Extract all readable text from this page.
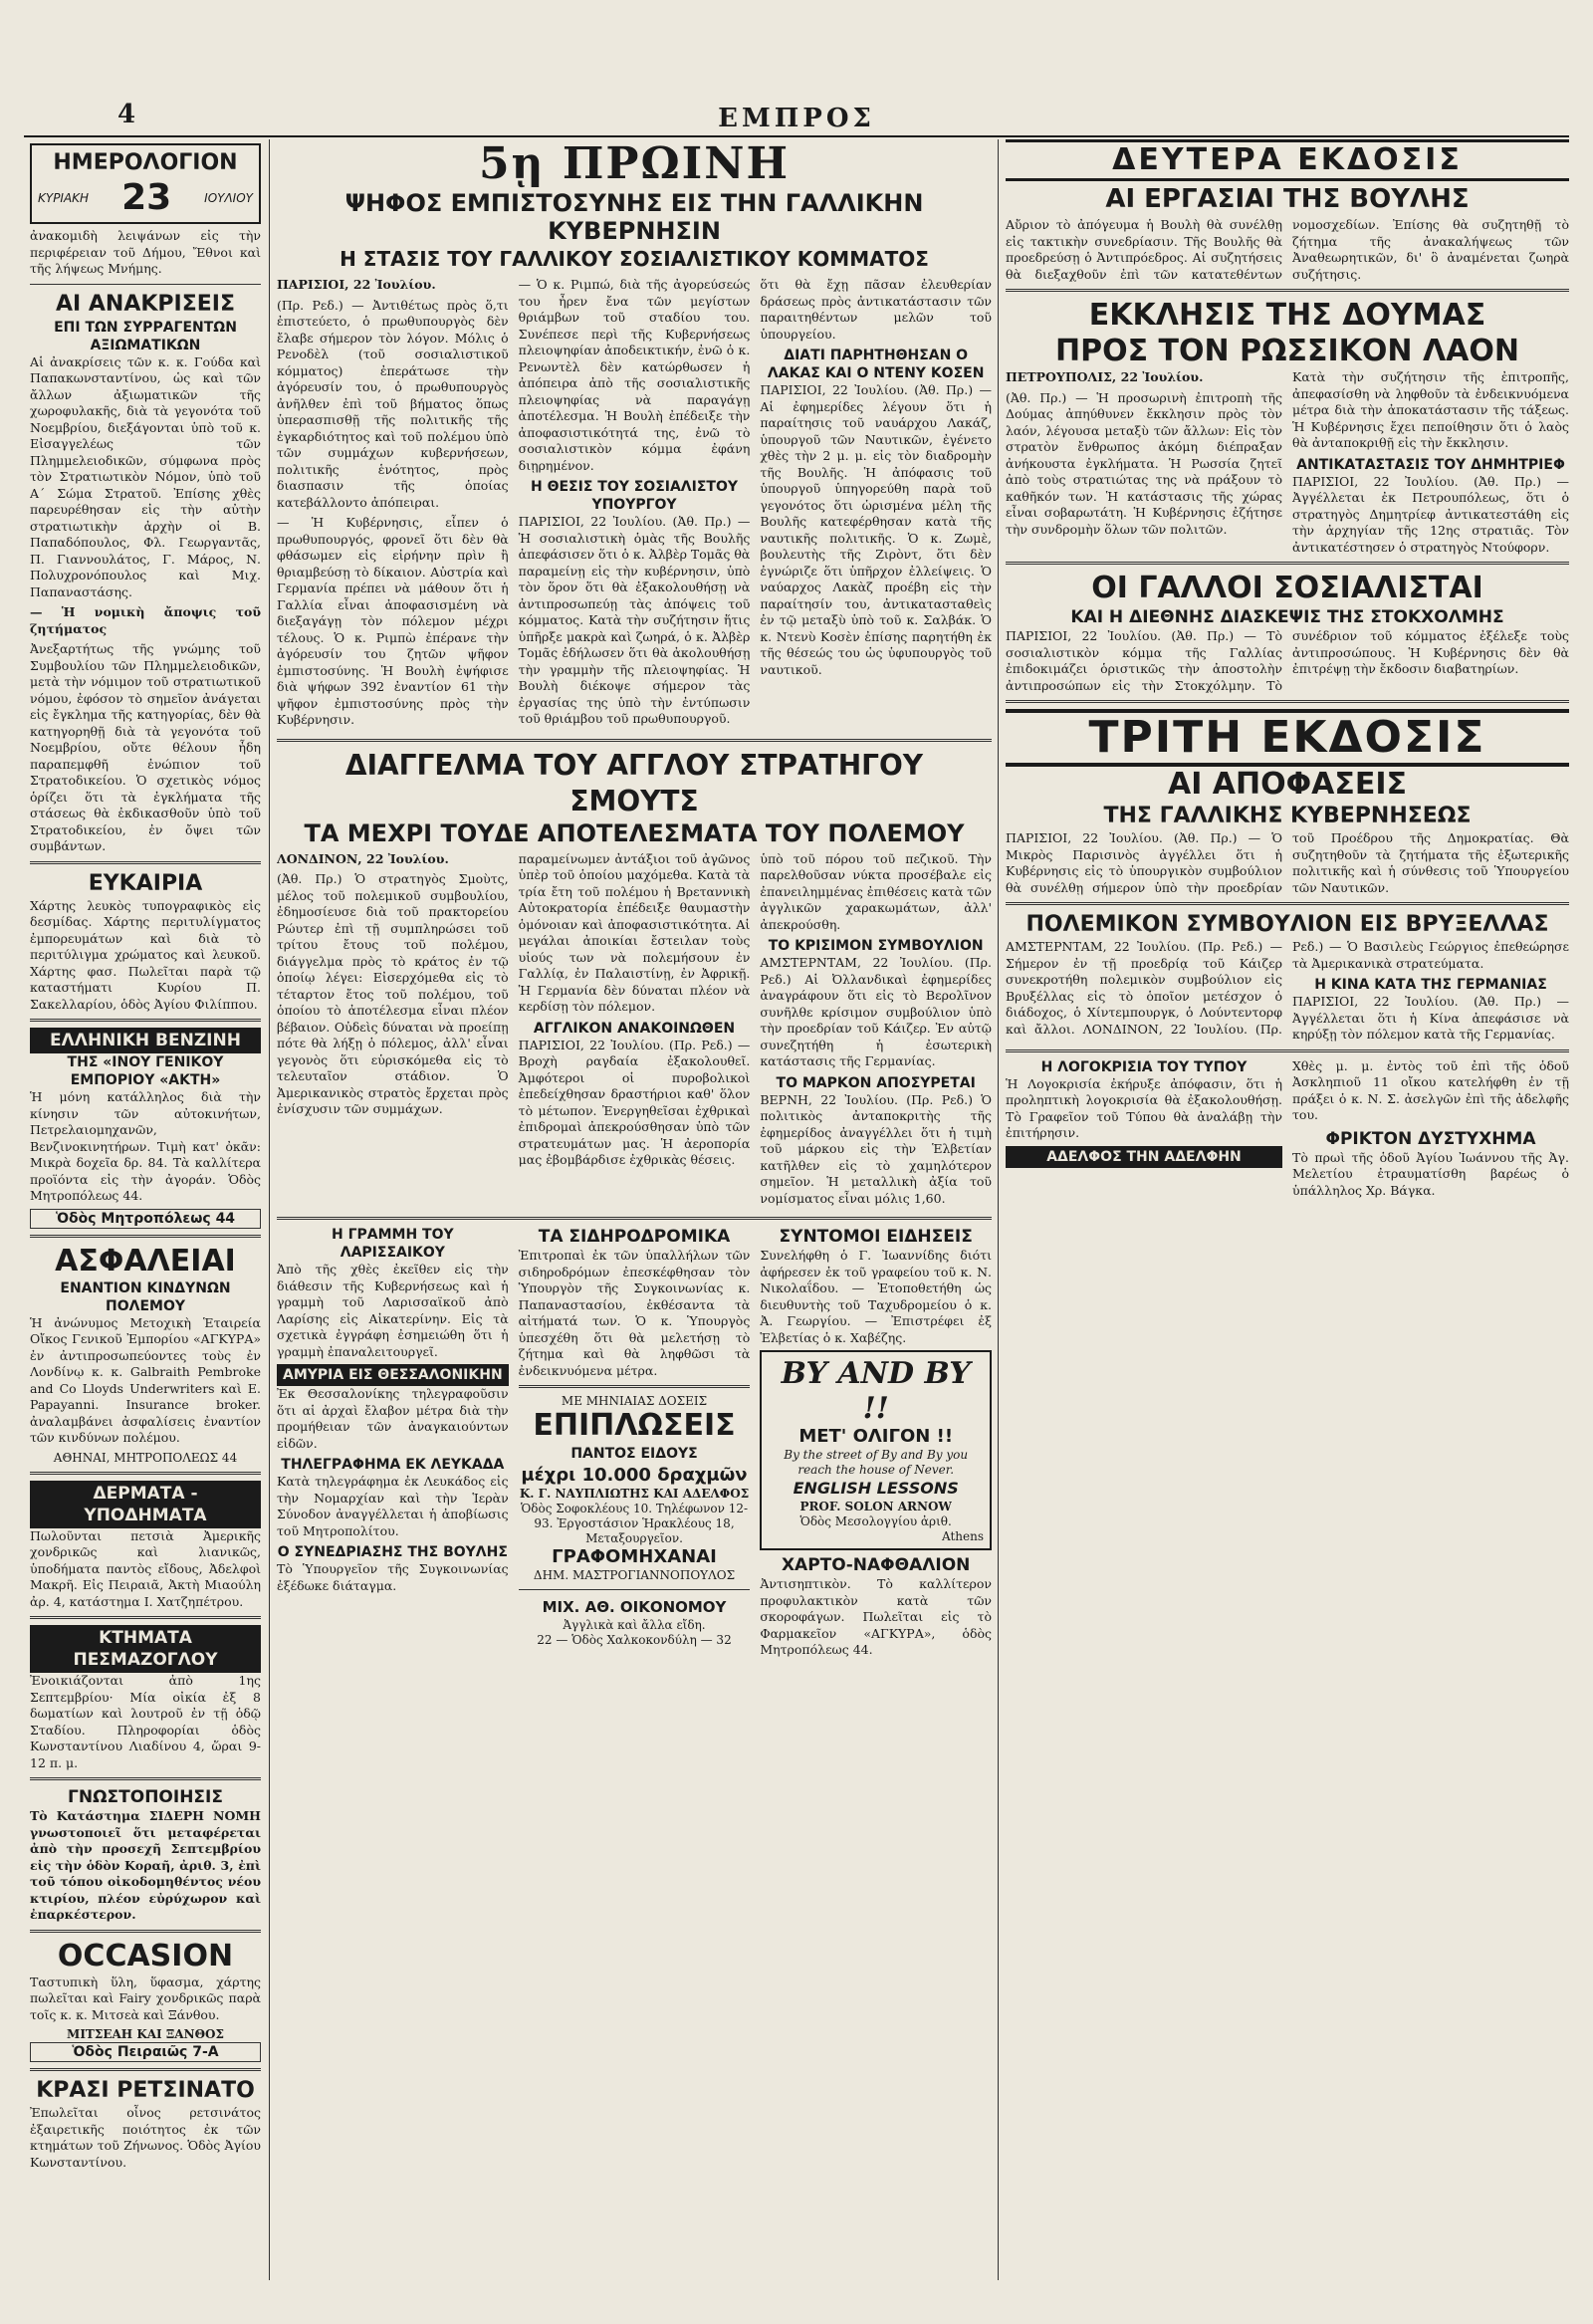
4	ΕΜΠΡΟΣ
ΗΜΕΡΟΛΟΓΙΟΝ
ΚΥΡΙΑΚΗ 23	ΙΟΥΛΙΟΥ

ἀνακομιδὴ λειψάνων εἰς τὴν περιφέρειαν τοῦ Δήμου, Ἔθνοι καὶ τῆς λήψεως Μνήμης.

ΑΙ ΑΝΑΚΡΙΣΕΙΣ
ΕΠΙ ΤΩΝ ΣΥΡΡΑΓΕΝΤΩΝ ΑΞΙΩΜΑΤΙΚΩΝ

Αἱ ἀνακρίσεις τῶν κ. κ. Γούδα καὶ Παπακωνσταντίνου, ὡς καὶ τῶν ἄλλων ἀξιωματικῶν τῆς χωροφυλακῆς, διὰ τὰ γεγονότα τοῦ Νοεμβρίου, διεξάγονται ὑπὸ τοῦ κ. Εἰσαγγελέως τῶν Πλημμελειοδικῶν, σύμφωνα πρὸς τὸν Στρατιωτικὸν Νόμον, ὑπὸ τοῦ Α΄ Σώμα Στρατοῦ. Ἐπίσης χθὲς παρευρέθησαν εἰς τὴν αὐτὴν στρατιωτικὴν ἀρχὴν οἱ Β. Παπαδόπουλος, Φλ. Γεωργαντᾶς, Π. Γιαννουλάτος, Γ. Μάρος, Ν. Πολυχρονόπουλος καὶ Μιχ. Παπαναστάσης.

— Ἡ νομικὴ ἄποψις τοῦ ζητήματος

Ἀνεξαρτήτως τῆς γνώμης τοῦ Συμβουλίου τῶν Πλημμελειοδικῶν, μετὰ τὴν νόμιμον τοῦ στρατιωτικοῦ νόμου, ἐφόσον τὸ σημεῖον ἀνάγεται εἰς ἔγκλημα τῆς κατηγορίας, δὲν θὰ κατηγορηθῇ διὰ τὰ γεγονότα τοῦ Νοεμβρίου, οὔτε θέλουν ἦδη παραπεμφθῆ ἐνώπιον τοῦ Στρατοδικείου. Ὁ σχετικὸς νόμος ὁρίζει ὅτι τὰ ἐγκλήματα τῆς στάσεως θὰ ἐκδικασθοῦν ὑπὸ τοῦ Στρατοδικείου, ἐν ὄψει τῶν συμβάντων.

ΕΥΚΑΙΡΙΑ

Χάρτης λευκὸς τυπογραφικὸς εἰς δεσμίδας. Χάρτης περιτυλίγματος ἐμπορευμάτων καὶ διὰ τὸ περιτύλιγμα χρώματος καὶ λευκοῦ. Χάρτης φασ. Πωλεῖται παρὰ τῷ καταστήματι Κυρίου Π. Σακελλαρίου, ὁδὸς Ἀγίου Φιλίππου.

ΕΛΛΗΝΙΚΗ ΒΕΝΖΙΝΗ
ΤΗΣ «ΙΝΟΥ ΓΕΝΙΚΟΥ ΕΜΠΟΡΙΟΥ «ΑΚΤΗ»

Ἡ μόνη κατάλληλος διὰ τὴν κίνησιν τῶν αὐτοκινήτων, Πετρελαιομηχανῶν, Βενζινοκινητήρων. Τιμὴ κατ' ὀκᾶν: Μικρὰ δοχεῖα δρ. 84. Τὰ καλλίτερα προϊόντα εἰς τὴν ἀγοράν. Ὁδὸς Μητροπόλεως 44.

Ὁδὸς Μητροπόλεως 44
ΑΣΦΑΛΕΙΑΙ
ΕΝΑΝΤΙΟΝ ΚΙΝΔΥΝΩΝ ΠΟΛΕΜΟΥ

Ἡ ἀνώνυμος Μετοχικὴ Ἑταιρεία Οἴκος Γενικοῦ Ἐμπορίου «ΑΓΚΥΡΑ» ἐν ἀντιπροσωπεύοντες τοὺς ἐν Λονδίνῳ κ. κ. Galbraith Pembroke and Co Lloyds Underwriters καὶ E. Papayanni. Insurance broker. ἀναλαμβάνει ἀσφαλίσεις ἐναντίον τῶν κινδύνων πολέμου.

ΑΘΗΝΑΙ, ΜΗΤΡΟΠΟΛΕΩΣ 44
ΔΕΡΜΑΤΑ - ΥΠΟΔΗΜΑΤΑ

Πωλοῦνται πετσιὰ Ἀμερικῆς χονδρικῶς καὶ λιανικῶς, ὑποδήματα παντὸς εἴδους, Ἀδελφοὶ Μακρῆ. Εἰς Πειραιᾶ, Ἀκτὴ Μιαούλη ἀρ. 4, κατάστημα Ι. Χατζηπέτρου.

ΚΤΗΜΑΤΑ ΠΕΣΜΑΖΟΓΛΟΥ

Ἐνοικιάζονται ἀπὸ 1ης Σεπτεμβρίου· Μία οἰκία ἐξ 8 δωματίων καὶ λουτροῦ ἐν τῇ ὁδῷ Σταδίου. Πληροφορίαι ὁδὸς Κωνσταντίνου Λιαδίνου 4, ὥραι 9-12 π. μ.

ΓΝΩΣΤΟΠΟΙΗΣΙΣ

Τὸ Κατάστημα ΣΙΔΕΡΗ ΝΟΜΗ γνωστοποιεῖ ὅτι μεταφέρεται ἀπὸ τὴν προσεχῆ Σεπτεμβρίου εἰς τὴν ὁδὸν Κοραῆ, ἀριθ. 3, ἐπὶ τοῦ τόπου οἰκοδομηθέντος νέου κτιρίου, πλέον εὐρύχωρον καὶ ἐπαρκέστερον.

OCCASION

Ταστυπικὴ ὕλη, ὕφασμα, χάρτης πωλεῖται καὶ Fairy χονδρικῶς παρὰ τοῖς κ. κ. Μιτσεὰ καὶ Ξάνθου.

ΜΙΤΣΕΑΗ ΚΑΙ ΞΑΝΘΟΣ
Ὁδὸς Πειραιῶς 7-Α
ΚΡΑΣΙ ΡΕΤΣΙΝΑΤΟ

Ἐπωλεῖται οἶνος ρετσινάτος ἐξαιρετικῆς ποιότητος ἐκ τῶν κτημάτων τοῦ Ζήνωνος. Ὁδὸς Ἀγίου Κωνσταντίνου.

5ῃ ΠΡΩΙΝΗ
ΨΗΦΟΣ ΕΜΠΙΣΤΟΣΥΝΗΣ ΕΙΣ ΤΗΝ ΓΑΛΛΙΚΗΝ ΚΥΒΕΡΝΗΣΙΝ
Η ΣΤΑΣΙΣ ΤΟΥ ΓΑΛΛΙΚΟΥ ΣΟΣΙΑΛΙΣΤΙΚΟΥ ΚΟΜΜΑΤΟΣ

ΠΑΡΙΣΙΟΙ, 22 Ἰουλίου.

(Πρ. Ρεδ.) — Ἀντιθέτως πρὸς ὅ,τι ἐπιστεύετο, ὁ πρωθυπουργὸς δὲν ἔλαβε σήμερον τὸν λόγον. Μόλις ὁ Ρενοδὲλ (τοῦ σοσιαλιστικοῦ κόμματος) ἐπεράτωσε τὴν ἀγόρευσίν του, ὁ πρωθυπουργὸς ἀνῆλθεν ἐπὶ τοῦ βήματος ὅπως ὑπερασπισθῇ τῆς πολιτικῆς τῆς ἐγκαρδιότητος καὶ τοῦ πολέμου ὑπὸ τῶν συμμάχων κυβερνήσεων, πολιτικῆς ἑνότητος, πρὸς διασπασιν τῆς ὁποίας κατεβάλλοντο ἀπόπειραι.

— Ἡ Κυβέρνησις, εἶπεν ὁ πρωθυπουργός, φρονεῖ ὅτι δὲν θὰ φθάσωμεν εἰς εἰρήνην πρὶν ἢ θριαμβεύσῃ τὸ δίκαιον. Αὐστρία καὶ Γερμανία πρέπει νὰ μάθουν ὅτι ἡ Γαλλία εἶναι ἀποφασισμένη νὰ διεξαγάγῃ τὸν πόλεμον μέχρι τέλους. Ὁ κ. Ριμπὼ ἐπέρανε τὴν ἀγόρευσίν του ζητῶν ψῆφον ἐμπιστοσύνης. Ἡ Βουλὴ ἐψήφισε διὰ ψήφων 392 ἐναντίον 61 τὴν ψῆφον ἐμπιστοσύνης πρὸς τὴν Κυβέρνησιν.

— Ὁ κ. Ριμπώ, διὰ τῆς ἀγορεύσεώς του ἦρεν ἔνα τῶν μεγίστων θριάμβων τοῦ σταδίου του. Συνέπεσε περὶ τῆς Κυβερνήσεως πλειοψηφίαν ἀποδεικτικήν, ἐνῶ ὁ κ. Ρενωντὲλ δὲν κατώρθωσεν ἡ ἀπόπειρα ἀπὸ τῆς σοσιαλιστικῆς πλειοψηφίας νὰ παραγάγῃ ἀποτέλεσμα. Ἡ Βουλὴ ἐπέδειξε τὴν ἀποφασιστικότητά της, ἐνῶ τὸ σοσιαλιστικὸν κόμμα ἐφάνη διῃρημένον.

Η ΘΕΣΙΣ ΤΟΥ ΣΟΣΙΑΛΙΣΤΟΥ ΥΠΟΥΡΓΟΥ

ΠΑΡΙΣΙΟΙ, 22 Ἰουλίου. (Ἀθ. Πρ.) — Ἡ σοσιαλιστικὴ ὁμὰς τῆς Βουλῆς ἀπεφάσισεν ὅτι ὁ κ. Ἀλβὲρ Τομᾶς θὰ παραμείνῃ εἰς τὴν κυβέρνησιν, ὑπὸ τὸν ὅρον ὅτι θὰ ἐξακολουθήσῃ νὰ ἀντιπροσωπεύῃ τὰς ἀπόψεις τοῦ κόμματος. Κατὰ τὴν συζήτησιν ἥτις ὑπῆρξε μακρὰ καὶ ζωηρά, ὁ κ. Ἀλβὲρ Τομᾶς ἐδήλωσεν ὅτι θὰ ἀκολουθήσῃ τὴν γραμμὴν τῆς πλειοψηφίας. Ἡ Βουλὴ διέκοψε σήμερον τὰς ἐργασίας της ὑπὸ τὴν ἐντύπωσιν τοῦ θριάμβου τοῦ πρωθυπουργοῦ.

ὅτι θὰ ἔχῃ πᾶσαν ἐλευθερίαν δράσεως πρὸς ἀντικατάστασιν τῶν παραιτηθέντων μελῶν τοῦ ὑπουργείου.

ΔΙΑΤΙ ΠΑΡΗΤΗΘΗΣΑΝ Ο ΛΑΚΑΣ ΚΑΙ Ο ΝΤΕΝΥ ΚΟΣΕΝ

ΠΑΡΙΣΙΟΙ, 22 Ἰουλίου. (Ἀθ. Πρ.) — Αἱ ἐφημερίδες λέγουν ὅτι ἡ παραίτησις τοῦ ναυάρχου Λακάζ, ὑπουργοῦ τῶν Ναυτικῶν, ἐγένετο χθὲς τὴν 2 μ. μ. εἰς τὸν διαδρομὴν τῆς Βουλῆς. Ἡ ἀπόφασις τοῦ ὑπουργοῦ ὑπηγορεύθη παρὰ τοῦ γεγονότος ὅτι ὡρισμένα μέλη τῆς Βουλῆς κατεφέρθησαν κατὰ τῆς ναυτικῆς πολιτικῆς. Ὁ κ. Ζωμὲ, βουλευτὴς τῆς Ζιρὸντ, ὅτι δὲν ἐγνώριζε ὅτι ὑπῆρχον ἐλλείψεις. Ὁ ναύαρχος Λακὰζ προέβη εἰς τὴν παραίτησίν του, ἀντικατασταθεὶς ἐν τῷ μεταξὺ ὑπὸ τοῦ κ. Σαλβάκ. Ὁ κ. Ντενὺ Κοσὲν ἐπίσης παρητήθη ἐκ τῆς θέσεώς του ὡς ὑφυπουργὸς τοῦ ναυτικοῦ.

ΔΙΑΓΓΕΛΜΑ ΤΟΥ ΑΓΓΛΟΥ ΣΤΡΑΤΗΓΟΥ ΣΜΟΥΤΣ
ΤΑ ΜΕΧΡΙ ΤΟΥΔΕ ΑΠΟΤΕΛΕΣΜΑΤΑ ΤΟΥ ΠΟΛΕΜΟΥ

ΛΟΝΔΙΝΟΝ, 22 Ἰουλίου.

(Ἀθ. Πρ.) Ὁ στρατηγὸς Σμοὺτς, μέλος τοῦ πολεμικοῦ συμβουλίου, ἐδημοσίευσε διὰ τοῦ πρακτορείου Ρώυτερ ἐπὶ τῇ συμπληρώσει τοῦ τρίτου ἔτους τοῦ πολέμου, διάγγελμα πρὸς τὸ κράτος ἐν τῷ ὁποίῳ λέγει: Εἰσερχόμεθα εἰς τὸ τέταρτον ἔτος τοῦ πολέμου, τοῦ ὁποίου τὸ ἀποτέλεσμα εἶναι πλέον βέβαιον. Οὐδεὶς δύναται νὰ προείπῃ πότε θὰ λήξῃ ὁ πόλεμος, ἀλλ' εἶναι γεγονὸς ὅτι εὑρισκόμεθα εἰς τὸ τελευταῖον στάδιον. Ὁ Ἀμερικανικὸς στρατὸς ἔρχεται πρὸς ἐνίσχυσιν τῶν συμμάχων.

παραμείνωμεν ἀντάξιοι τοῦ ἀγῶνος ὑπὲρ τοῦ ὁποίου μαχόμεθα. Κατὰ τὰ τρία ἔτη τοῦ πολέμου ἡ Βρεταννικὴ Αὐτοκρατορία ἐπέδειξε θαυμαστὴν ὁμόνοιαν καὶ ἀποφασιστικότητα. Αἱ μεγάλαι ἀποικίαι ἔστειλαν τοὺς υἱούς των νὰ πολεμήσουν ἐν Γαλλίᾳ, ἐν Παλαιστίνῃ, ἐν Ἀφρικῇ. Ἡ Γερμανία δὲν δύναται πλέον νὰ κερδίσῃ τὸν πόλεμον.

ΑΓΓΛΙΚΟΝ ΑΝΑΚΟΙΝΩΘΕΝ

ΠΑΡΙΣΙΟΙ, 22 Ἰουλίου. (Πρ. Ρεδ.) — Βροχὴ ραγδαία ἐξακολουθεῖ. Ἀμφότεροι οἱ πυροβολικοὶ ἐπεδείχθησαν δραστήριοι καθ' ὅλον τὸ μέτωπον. Ἐνεργηθεῖσαι ἐχθρικαὶ ἐπιδρομαὶ ἀπεκρούσθησαν ὑπὸ τῶν στρατευμάτων μας. Ἡ ἀεροπορία μας ἐβομβάρδισε ἐχθρικὰς θέσεις.

ὑπὸ τοῦ πόρου τοῦ πεζικοῦ. Τὴν παρελθοῦσαν νύκτα προσέβαλε εἰς ἐπανειλημμένας ἐπιθέσεις κατὰ τῶν ἀγγλικῶν χαρακωμάτων, ἀλλ' ἀπεκρούσθη.

ΤΟ ΚΡΙΣΙΜΟΝ ΣΥΜΒΟΥΛΙΟΝ

ΑΜΣΤΕΡΝΤΑΜ, 22 Ἰουλίου. (Πρ. Ρεδ.) Αἱ Ὀλλανδικαὶ ἐφημερίδες ἀναγράφουν ὅτι εἰς τὸ Βερολῖνον συνῆλθε κρίσιμον συμβούλιον ὑπὸ τὴν προεδρίαν τοῦ Κάιζερ. Ἐν αὐτῷ συνεζητήθη ἡ ἐσωτερικὴ κατάστασις τῆς Γερμανίας.

ΤΟ ΜΑΡΚΟΝ ΑΠΟΣΥΡΕΤΑΙ

ΒΕΡΝΗ, 22 Ἰουλίου. (Πρ. Ρεδ.) Ὁ πολιτικὸς ἀνταποκριτὴς τῆς ἐφημερίδος ἀναγγέλλει ὅτι ἡ τιμὴ τοῦ μάρκου εἰς τὴν Ἑλβετίαν κατῆλθεν εἰς τὸ χαμηλότερον σημεῖον. Ἡ μεταλλικὴ ἀξία τοῦ νομίσματος εἶναι μόλις 1,60.

Η ΓΡΑΜΜΗ ΤΟΥ ΛΑΡΙΣΣΑΙΚΟΥ

Ἀπὸ τῆς χθὲς ἐκεῖθεν εἰς τὴν διάθεσιν τῆς Κυβερνήσεως καὶ ἡ γραμμὴ τοῦ Λαρισσαϊκοῦ ἀπὸ Λαρίσης εἰς Αἰκατερίνην. Εἰς τὰ σχετικὰ ἐγγράφη ἐσημειώθη ὅτι ἡ γραμμὴ ἐπαναλειτουργεῖ.

ΑΜΥΡΙΑ ΕΙΣ ΘΕΣΣΑΛΟΝΙΚΗΝ

Ἐκ Θεσσαλονίκης τηλεγραφοῦσιν ὅτι αἱ ἀρχαὶ ἔλαβον μέτρα διὰ τὴν προμήθειαν τῶν ἀναγκαιούντων εἰδῶν.

ΤΗΛΕΓΡΑΦΗΜΑ ΕΚ ΛΕΥΚΑΔΑ

Κατὰ τηλεγράφημα ἐκ Λευκάδος εἰς τὴν Νομαρχίαν καὶ τὴν Ἱερὰν Σύνοδον ἀναγγέλλεται ἡ ἀποβίωσις τοῦ Μητροπολίτου.

Ο ΣΥΝΕΔΡΙΑΣΗΣ ΤΗΣ ΒΟΥΛΗΣ

Τὸ Ὑπουργεῖον τῆς Συγκοινωνίας ἐξέδωκε διάταγμα.

ΤΑ ΣΙΔΗΡΟΔΡΟΜΙΚΑ

Ἐπιτροπαὶ ἐκ τῶν ὑπαλλήλων τῶν σιδηροδρόμων ἐπεσκέφθησαν τὸν Ὑπουργὸν τῆς Συγκοινωνίας κ. Παπαναστασίου, ἐκθέσαντα τὰ αἰτήματά των. Ὁ κ. Ὑπουργὸς ὑπεσχέθη ὅτι θὰ μελετήσῃ τὸ ζήτημα καὶ θὰ ληφθῶσι τὰ ἐνδεικνυόμενα μέτρα.

ΜΕ ΜΗΝΙΑΙΑΣ ΔΟΣΕΙΣ
ΕΠΙΠΛΩΣΕΙΣ
ΠΑΝΤΟΣ ΕΙΔΟΥΣ
μέχρι 10.000 δραχμῶν
Κ. Γ. ΝΑΥΠΛΙΩΤΗΣ ΚΑΙ ΑΔΕΛΦΟΣ
Ὁδὸς Σοφοκλέους 10. Τηλέφωνον 12-93. Ἐργοστάσιον Ἡρακλέους 18, Μεταξουργεῖον.
ΓΡΑΦΟΜΗΧΑΝΑΙ
ΔΗΜ. ΜΑΣΤΡΟΓΙΑΝΝΟΠΟΥΛΟΣ
ΜΙΧ. ΑΘ. ΟΙΚΟΝΟΜΟΥ
Ἀγγλικὰ καὶ ἄλλα εἴδη.
22 — Ὁδὸς Χαλκοκονδύλη — 32
ΣΥΝΤΟΜΟΙ ΕΙΔΗΣΕΙΣ

Συνελήφθη ὁ Γ. Ἰωαννίδης διότι ἀφήρεσεν ἐκ τοῦ γραφείου τοῦ κ. Ν. Νικολαΐδου. — Ἐτοποθετήθη ὡς διευθυντὴς τοῦ Ταχυδρομείου ὁ κ. Ἀ. Γεωργίου. — Ἐπιστρέφει ἐξ Ἑλβετίας ὁ κ. Χαβέζης.

BY AND BY !!
ΜΕΤ' ΟΛΙΓΟΝ !!
By the street of By and By you reach the house of Never.
ENGLISH LESSONS
PROF. SOLON ARNOW
Ὁδὸς Μεσολογγίου ἀριθ.
Athens
ΧΑΡΤΟ-ΝΑΦΘΑΛΙΟΝ

Ἀντισηπτικὸν. Τὸ καλλίτερον προφυλακτικὸν κατὰ τῶν σκοροφάγων. Πωλεῖται εἰς τὸ Φαρμακεῖον «ΑΓΚΥΡΑ», ὁδὸς Μητροπόλεως 44.

ΔΕΥΤΕΡΑ ΕΚΔΟΣΙΣ
ΑΙ ΕΡΓΑΣΙΑΙ ΤΗΣ ΒΟΥΛΗΣ

Αὔριον τὸ ἀπόγευμα ἡ Βουλὴ θὰ συνέλθῃ εἰς τακτικὴν συνεδρίασιν. Τῆς Βουλῆς θὰ προεδρεύσῃ ὁ Ἀντιπρόεδρος. Αἱ συζητήσεις θὰ διεξαχθοῦν ἐπὶ τῶν κατατεθέντων νομοσχεδίων. Ἐπίσης θὰ συζητηθῇ τὸ ζήτημα τῆς ἀνακαλήψεως τῶν Ἀναθεωρητικῶν, δι' ὃ ἀναμένεται ζωηρὰ συζήτησις.

ΕΚΚΛΗΣΙΣ ΤΗΣ ΔΟΥΜΑΣ
ΠΡΟΣ ΤΟΝ ΡΩΣΣΙΚΟΝ ΛΑΟΝ

ΠΕΤΡΟΥΠΟΛΙΣ, 22 Ἰουλίου.

(Ἀθ. Πρ.) — Ἡ προσωρινὴ ἐπιτροπὴ τῆς Δούμας ἀπηύθυνεν ἔκκλησιν πρὸς τὸν λαόν, λέγουσα μεταξὺ τῶν ἄλλων: Εἰς τὸν στρατὸν ἔνθρωπος ἀκόμη διέπραξαν ἀνήκουστα ἐγκλήματα. Ἡ Ρωσσία ζητεῖ ἀπὸ τοὺς στρατιώτας της νὰ πράξουν τὸ καθῆκόν των. Ἡ κατάστασις τῆς χώρας εἶναι σοβαρωτάτη. Ἡ Κυβέρνησις ἐζήτησε τὴν συνδρομὴν ὅλων τῶν πολιτῶν.

Κατὰ τὴν συζήτησιν τῆς ἐπιτροπῆς, ἀπεφασίσθη νὰ ληφθοῦν τὰ ἐνδεικνυόμενα μέτρα διὰ τὴν ἀποκατάστασιν τῆς τάξεως. Ἡ Κυβέρνησις ἔχει πεποίθησιν ὅτι ὁ λαὸς θὰ ἀνταποκριθῇ εἰς τὴν ἔκκλησιν.

ΑΝΤΙΚΑΤΑΣΤΑΣΙΣ ΤΟΥ ΔΗΜΗΤΡΙΕΦ

ΠΑΡΙΣΙΟΙ, 22 Ἰουλίου. (Ἀθ. Πρ.) — Ἀγγέλλεται ἐκ Πετρουπόλεως, ὅτι ὁ στρατηγὸς Δημητρίεφ ἀντικατεστάθη εἰς τὴν ἀρχηγίαν τῆς 12ης στρατιᾶς. Τὸν ἀντικατέστησεν ὁ στρατηγὸς Ντούφορν.

ΟΙ ΓΑΛΛΟΙ ΣΟΣΙΑΛΙΣΤΑΙ
ΚΑΙ Η ΔΙΕΘΝΗΣ ΔΙΑΣΚΕΨΙΣ ΤΗΣ ΣΤΟΚΧΟΛΜΗΣ

ΠΑΡΙΣΙΟΙ, 22 Ἰουλίου. (Ἀθ. Πρ.) — Τὸ σοσιαλιστικὸν κόμμα τῆς Γαλλίας ἐπιδοκιμάζει ὁριστικῶς τὴν ἀποστολὴν ἀντιπροσώπων εἰς τὴν Στοκχόλμην. Τὸ συνέδριον τοῦ κόμματος ἐξέλεξε τοὺς ἀντιπροσώπους. Ἡ Κυβέρνησις δὲν θὰ ἐπιτρέψῃ τὴν ἔκδοσιν διαβατηρίων.

ΤΡΙΤΗ ΕΚΔΟΣΙΣ
ΑΙ ΑΠΟΦΑΣΕΙΣ
ΤΗΣ ΓΑΛΛΙΚΗΣ ΚΥΒΕΡΝΗΣΕΩΣ

ΠΑΡΙΣΙΟΙ, 22 Ἰουλίου. (Ἀθ. Πρ.) — Ὁ Μικρὸς Παρισινὸς ἀγγέλλει ὅτι ἡ Κυβέρνησις εἰς τὸ ὑπουργικὸν συμβούλιον θὰ συνέλθῃ σήμερον ὑπὸ τὴν προεδρίαν τοῦ Προέδρου τῆς Δημοκρατίας. Θὰ συζητηθοῦν τὰ ζητήματα τῆς ἐξωτερικῆς πολιτικῆς καὶ ἡ σύνθεσις τοῦ Ὑπουργείου τῶν Ναυτικῶν.

ΠΟΛΕΜΙΚΟΝ ΣΥΜΒΟΥΛΙΟΝ ΕΙΣ ΒΡΥΞΕΛΛΑΣ

ΑΜΣΤΕΡΝΤΑΜ, 22 Ἰουλίου. (Πρ. Ρεδ.) — Σήμερον ἐν τῇ προεδρίᾳ τοῦ Κάιζερ συνεκροτήθη πολεμικὸν συμβούλιον εἰς Βρυξέλλας εἰς τὸ ὁποῖον μετέσχον ὁ διάδοχος, ὁ Χίντεμπουργκ, ὁ Λούντεντορφ καὶ ἄλλοι. ΛΟΝΔΙΝΟΝ, 22 Ἰουλίου. (Πρ. Ρεδ.) — Ὁ Βασιλεὺς Γεώργιος ἐπεθεώρησε τὰ Ἀμερικανικὰ στρατεύματα.

Η ΚΙΝΑ ΚΑΤΑ ΤΗΣ ΓΕΡΜΑΝΙΑΣ

ΠΑΡΙΣΙΟΙ, 22 Ἰουλίου. (Ἀθ. Πρ.) — Ἀγγέλλεται ὅτι ἡ Κίνα ἀπεφάσισε νὰ κηρύξῃ τὸν πόλεμον κατὰ τῆς Γερμανίας.

Η ΛΟΓΟΚΡΙΣΙΑ ΤΟΥ ΤΥΠΟΥ

Ἡ Λογοκρισία ἐκήρυξε ἀπόφασιν, ὅτι ἡ προληπτικὴ λογοκρισία θὰ ἐξακολουθήσῃ. Τὸ Γραφεῖον τοῦ Τύπου θὰ ἀναλάβῃ τὴν ἐπιτήρησιν.

ΑΔΕΛΦΟΣ ΤΗΝ ΑΔΕΛΦΗΝ

Χθὲς μ. μ. ἐντὸς τοῦ ἐπὶ τῆς ὁδοῦ Ἀσκληπιοῦ 11 οἴκου κατελήφθη ἐν τῇ πράξει ὁ κ. Ν. Σ. ἀσελγῶν ἐπὶ τῆς ἀδελφῆς του.

ΦΡΙΚΤΟΝ ΔΥΣΤΥΧΗΜΑ

Τὸ πρωὶ τῆς ὁδοῦ Ἀγίου Ἰωάννου τῆς Ἀγ. Μελετίου ἐτραυματίσθη βαρέως ὁ ὑπάλληλος Χρ. Βάγκα.
